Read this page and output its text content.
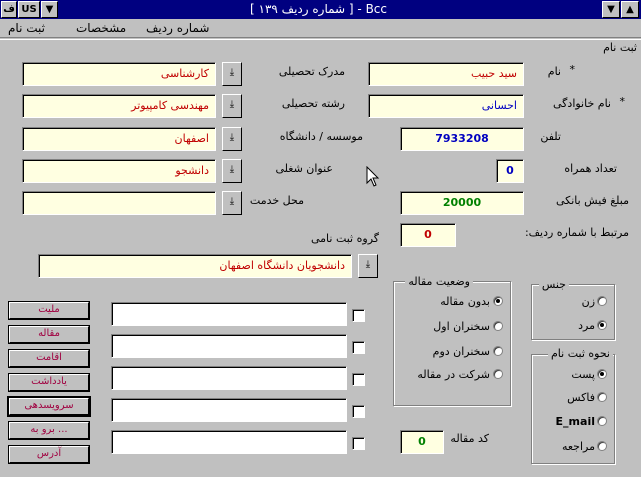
ف US ▼	[ شماره ردیف ۱۳۹ ] - Bcc	▼	▲
ثبت نام	مشخصات شماره ردیف
ثبت نام
سید حبیب	نام *
احسانی	نام خانوادگی *
7933208	تلفن
0	تعداد همراه
20000	مبلغ فیش بانکی
0	مرتبط با شماره ردیف:
کارشناسی	⤓	مدرک تحصیلی
مهندسی کامپیوتر	⤓	رشته تحصیلی
اصفهان	⤓	موسسه / دانشگاه
دانشجو	⤓	عنوان شغلی
⤓	محل خدمت
گروه ثبت نامی
دانشجویان دانشگاه اصفهان	⤓
وضعیت مقاله
بدون مقاله
سخنران اول
سخنران دوم
شرکت در مقاله
جنس
زن
مرد
نحوه ثبت نام
پست
فاکس
E_mail
مراجعه
0	کد مقاله
ملیت
مقاله
اقامت
یادداشت
سرویسدهی
برو به ...
آدرس
